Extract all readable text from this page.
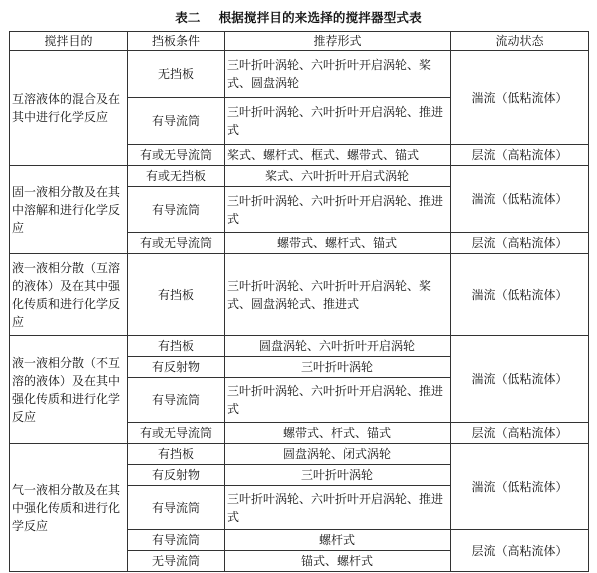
表二 根据搅拌目的来选择的搅拌器型式表
搅拌目的	挡板条件	推荐形式	流动状态
互溶液体的混合及在其中进行化学反应	无挡板	三叶折叶涡轮、六叶折叶开启涡轮、桨式、圆盘涡轮	湍流（低粘流体）
	有导流筒	三叶折叶涡轮、六叶折叶开启涡轮、推进式	
	有或无导流筒	桨式、螺杆式、框式、螺带式、锚式	层流（高粘流体）
固一液相分散及在其中溶解和进行化学反应	有或无挡板	桨式、六叶折叶开启式涡轮	湍流（低粘流体）
	有导流筒	三叶折叶涡轮、六叶折叶开启涡轮、推进式	
	有或无导流筒	螺带式、螺杆式、锚式	层流（高粘流体）
液一液相分散（互溶的液体）及在其中强化传质和进行化学反应	有挡板	三叶折叶涡轮、六叶折叶开启涡轮、桨式、圆盘涡轮式、推进式	湍流（低粘流体）
液一液相分散（不互溶的液体）及在其中强化传质和进行化学反应	有挡板	圆盘涡轮、六叶折叶开启涡轮	湍流（低粘流体）
	有反射物	三叶折叶涡轮	
	有导流筒	三叶折叶涡轮、六叶折叶开启涡轮、推进式	
	有或无导流筒	螺带式、杆式、锚式	层流（高粘流体）
气一液相分散及在其中强化传质和进行化学反应	有挡板	圆盘涡轮、闭式涡轮	湍流（低粘流体）
	有反射物	三叶折叶涡轮	
	有导流筒	三叶折叶涡轮、六叶折叶开启涡轮、推进式	
	有导流筒	螺杆式	层流（高粘流体）
	无导流筒	锚式、螺杆式	
